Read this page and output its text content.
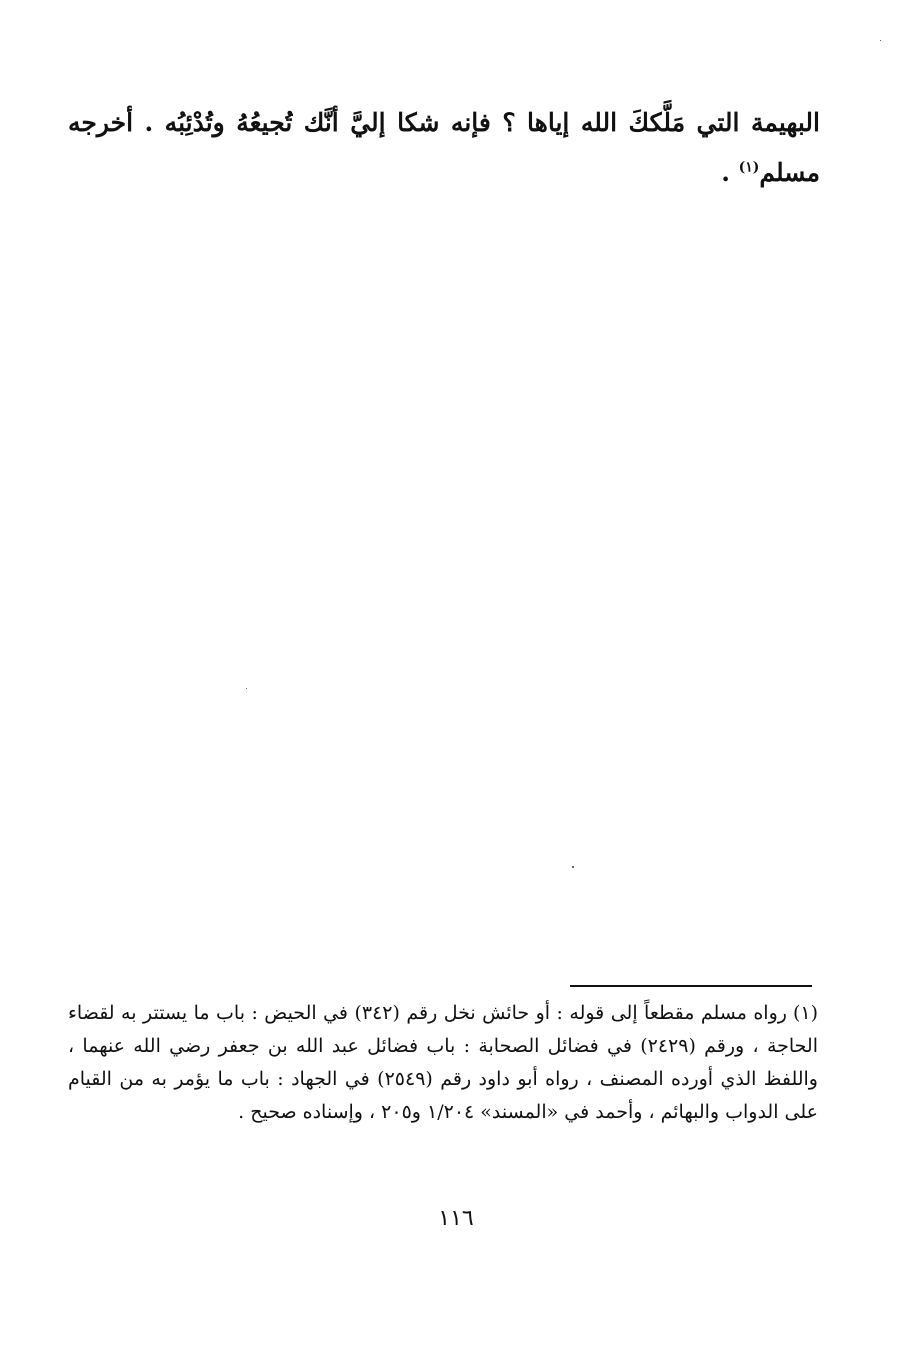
البهيمة التي مَلَّككَ الله إياها ؟ فإنه شكا إليَّ أنَّك تُجيعُهُ وتُدْئِبُه . أخرجه مسلم$^{(١)}$ .

(١)رواه مسلم مقطعاً إلى قوله : أو حائش نخل رقم (٣٤٢) في الحيض : باب ما يستتر به لقضاء الحاجة ، ورقم (٢٤٢٩) في فضائل الصحابة : باب فضائل عبد الله بن جعفر رضي الله عنهما ، واللفظ الذي أورده المصنف ، رواه أبو داود رقم (٢٥٤٩) في الجهاد : باب ما يؤمر به من القيام على الدواب والبهائم ، وأحمد في «المسند» ١/٢٠٤ و٢٠٥ ، وإسناده صحيح .

١١٦
